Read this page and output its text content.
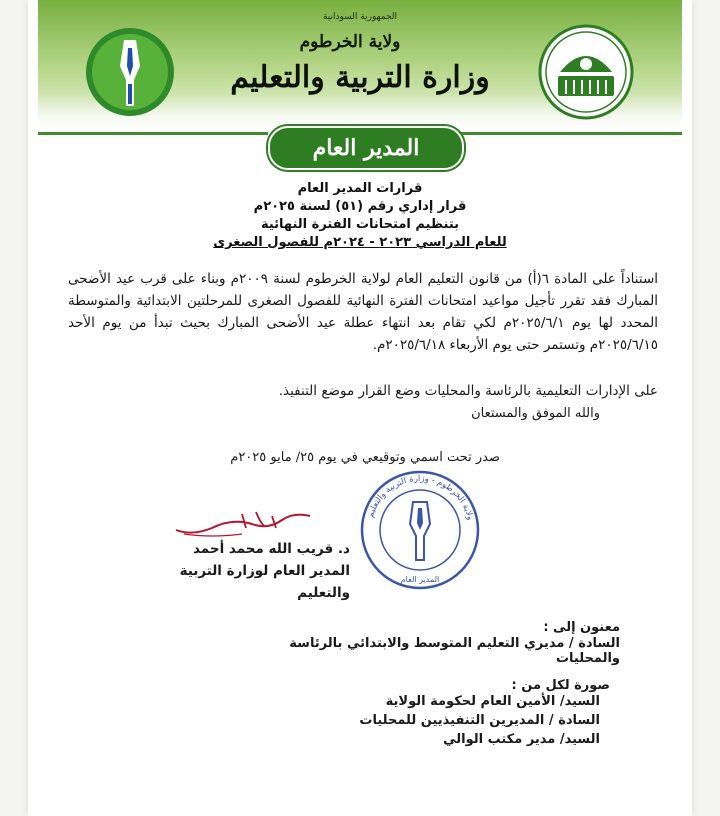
الجمهورية السودانية
ولاية الخرطوم
وزارة التربية والتعليم
المدير العام
قرارات المدير العام
قرار إداري رقم (٥١) لسنة ٢٠٢٥م
بتنظيم امتحانات الفترة النهائية
للعام الدراسي ٢٠٢٣ - ٢٠٢٤م للفصول الصغرى
استناداً على المادة ٦(أ) من قانون التعليم العام لولاية الخرطوم لسنة ٢٠٠٩م وبناء على قرب عيد الأضحى المبارك فقد تقرر تأجيل مواعيد امتحانات الفترة النهائية للفصول الصغرى للمرحلتين الابتدائية والمتوسطة المحدد لها يوم ٢٠٢٥/٦/١م لكي تقام بعد انتهاء عطلة عيد الأضحى المبارك بحيث تبدأ من يوم الأحد ٢٠٢٥/٦/١٥م وتستمر حتى يوم الأربعاء ٢٠٢٥/٦/١٨م.
على الإدارات التعليمية بالرئاسة والمحليات وضع القرار موضع التنفيذ.
والله الموفق والمستعان
صدر تحت اسمي وتوقيعي في يوم ٢٥/ مايو ٢٠٢٥م
ولاية الخرطوم - وزارة التربية والتعليم
المدير العام
د. قريب الله محمد أحمد
المدير العام لوزارة التربية والتعليم
معنون إلى :
السادة / مديري التعليم المتوسط والابتدائي بالرئاسة والمحليات
صورة لكل من :
السيد/ الأمين العام لحكومة الولاية
السادة / المديرين التنفيذيين للمحليات
السيد/ مدير مكتب الوالي
